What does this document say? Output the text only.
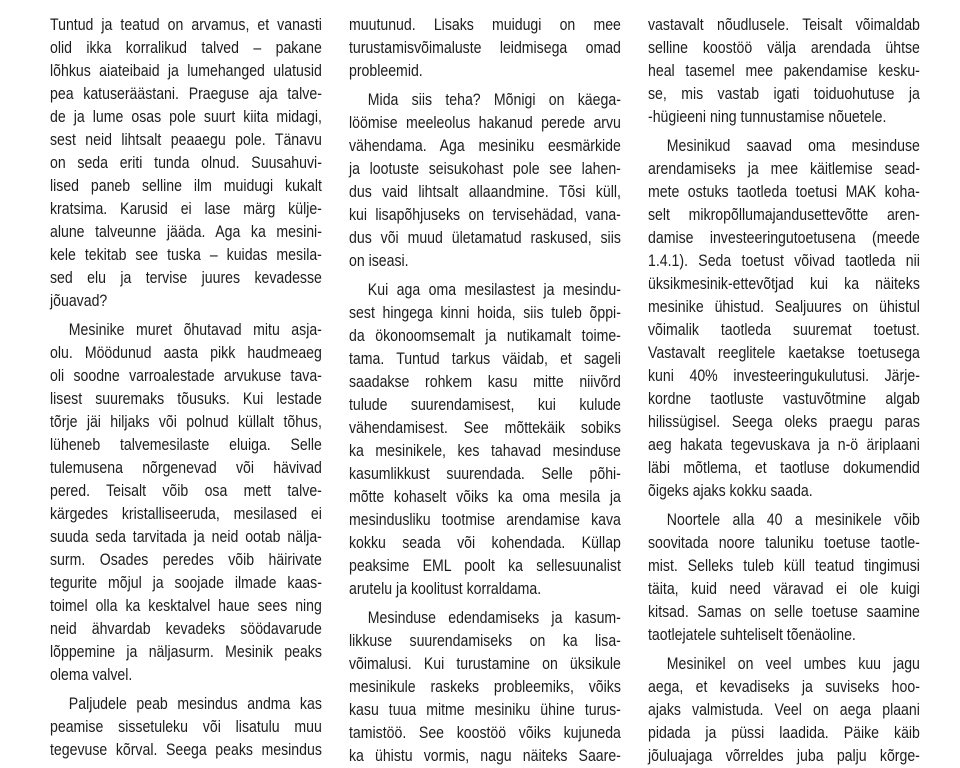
Tuntud ja teatud on arvamus, et vanasti
olid ikka korralikud talved – pakane
lõhkus aiateibaid ja lumehanged ulatusid
pea katuseräästani. Praeguse aja talve-
de ja lume osas pole suurt kiita midagi,
sest neid lihtsalt peaaegu pole. Tänavu
on seda eriti tunda olnud. Suusahuvi-
lised paneb selline ilm muidugi kukalt
kratsima. Karusid ei lase märg külje-
alune talveunne jääda. Aga ka mesini-
kele tekitab see tuska – kuidas mesila-
sed elu ja tervise juures kevadesse
jõuavad?
Mesinike muret õhutavad mitu asja-
olu. Möödunud aasta pikk haudmeaeg
oli soodne varroalestade arvukuse tava-
lisest suuremaks tõusuks. Kui lestade
tõrje jäi hiljaks või polnud küllalt tõhus,
lüheneb talvemesilaste eluiga. Selle
tulemusena nõrgenevad või hävivad
pered. Teisalt võib osa mett talve-
kärgedes kristalliseeruda, mesilased ei
suuda seda tarvitada ja neid ootab nälja-
surm. Osades peredes võib häirivate
tegurite mõjul ja soojade ilmade kaas-
toimel olla ka kesktalvel haue sees ning
neid ähvardab kevadeks söödavarude
lõppemine ja näljasurm. Mesinik peaks
olema valvel.
Paljudele peab mesindus andma kas
peamise sissetuleku või lisatulu muu
tegevuse kõrval. Seega peaks mesindus
muutunud. Lisaks muidugi on mee
turustamisvõimaluste leidmisega omad
probleemid.
Mida siis teha? Mõnigi on käega-
löömise meeleolus hakanud perede arvu
vähendama. Aga mesiniku eesmärkide
ja lootuste seisukohast pole see lahen-
dus vaid lihtsalt allaandmine. Tõsi küll,
kui lisapõhjuseks on tervisehädad, vana-
dus või muud ületamatud raskused, siis
on iseasi.
Kui aga oma mesilastest ja mesindu-
sest hingega kinni hoida, siis tuleb õppi-
da ökonoomsemalt ja nutikamalt toime-
tama. Tuntud tarkus väidab, et sageli
saadakse rohkem kasu mitte niivõrd
tulude suurendamisest, kui kulude
vähendamisest. See mõttekäik sobiks
ka mesinikele, kes tahavad mesinduse
kasumlikkust suurendada. Selle põhi-
mõtte kohaselt võiks ka oma mesila ja
mesindusliku tootmise arendamise kava
kokku seada või kohendada. Küllap
peaksime EML poolt ka sellesuunalist
arutelu ja koolitust korraldama.
Mesinduse edendamiseks ja kasum-
likkuse suurendamiseks on ka lisa-
võimalusi. Kui turustamine on üksikule
mesinikule raskeks probleemiks, võiks
kasu tuua mitme mesiniku ühine turus-
tamistöö. See koostöö võiks kujuneda
ka ühistu vormis, nagu näiteks Saare-
vastavalt nõudlusele. Teisalt võimaldab
selline koostöö välja arendada ühtse
heal tasemel mee pakendamise kesku-
se, mis vastab igati toiduohutuse ja
-hügieeni ning tunnustamise nõuetele.
Mesinikud saavad oma mesinduse
arendamiseks ja mee käitlemise sead-
mete ostuks taotleda toetusi MAK koha-
selt mikropõllumajandusettevõtte aren-
damise investeeringutoetusena (meede
1.4.1). Seda toetust võivad taotleda nii
üksikmesinik-ettevõtjad kui ka näiteks
mesinike ühistud. Sealjuures on ühistul
võimalik taotleda suuremat toetust.
Vastavalt reeglitele kaetakse toetusega
kuni 40% investeeringukulutusi. Järje-
kordne taotluste vastuvõtmine algab
hilissügisel. Seega oleks praegu paras
aeg hakata tegevuskava ja n-ö äriplaani
läbi mõtlema, et taotluse dokumendid
õigeks ajaks kokku saada.
Noortele alla 40 a mesinikele võib
soovitada noore taluniku toetuse taotle-
mist. Selleks tuleb küll teatud tingimusi
täita, kuid need väravad ei ole kuigi
kitsad. Samas on selle toetuse saamine
taotlejatele suhteliselt tõenäoline.
Mesinikel on veel umbes kuu jagu
aega, et kevadiseks ja suviseks hoo-
ajaks valmistuda. Veel on aega plaani
pidada ja püssi laadida. Päike käib
jõuluajaga võrreldes juba palju kõrge-
